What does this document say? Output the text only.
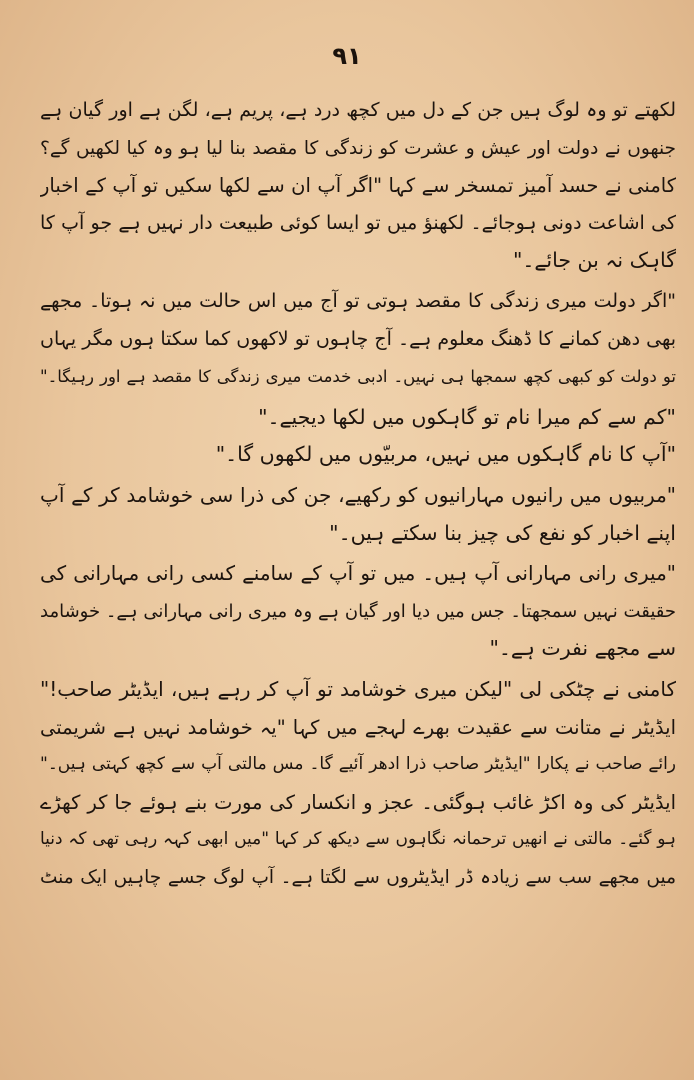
۹۱
لکھتے تو وہ لوگ ہیں جن کے دل میں کچھ درد ہے، پریم ہے، لگن ہے اور گیان ہے
جنھوں نے دولت اور عیش و عشرت کو زندگی کا مقصد بنا لیا ہو وہ کیا لکھیں گے؟
کامنی نے حسد آمیز تمسخر سے کہا "اگر آپ ان سے لکھا سکیں تو آپ کے اخبار
کی اشاعت دونی ہوجائے۔ لکھنؤ میں تو ایسا کوئی طبیعت دار نہیں ہے جو آپ کا
گاہک نہ بن جائے۔"
"اگر دولت میری زندگی کا مقصد ہوتی تو آج میں اس حالت میں نہ ہوتا۔ مجھے
بھی دھن کمانے کا ڈھنگ معلوم ہے۔ آج چاہوں تو لاکھوں کما سکتا ہوں مگر یہاں
تو دولت کو کبھی کچھ سمجھا ہی نہیں۔ ادبی خدمت میری زندگی کا مقصد ہے اور رہیگا۔"
"کم سے کم میرا نام تو گاہکوں میں لکھا دیجیے۔"
"آپ کا نام گاہکوں میں نہیں، مربیّوں میں لکھوں گا۔"
"مربیوں میں رانیوں مہارانیوں کو رکھیے، جن کی ذرا سی خوشامد کر کے آپ
اپنے اخبار کو نفع کی چیز بنا سکتے ہیں۔"
"میری رانی مہارانی آپ ہیں۔ میں تو آپ کے سامنے کسی رانی مہارانی کی
حقیقت نہیں سمجھتا۔ جس میں دیا اور گیان ہے وہ میری رانی مہارانی ہے۔ خوشامد
سے مجھے نفرت ہے۔"
کامنی نے چٹکی لی "لیکن میری خوشامد تو آپ کر رہے ہیں، ایڈیٹر صاحب!"
ایڈیٹر نے متانت سے عقیدت بھرے لہجے میں کہا "یہ خوشامد نہیں ہے شریمتی
رائے صاحب نے پکارا "ایڈیٹر صاحب ذرا ادھر آئیے گا۔ مس مالتی آپ سے کچھ کہتی ہیں۔"
ایڈیٹر کی وہ اکڑ غائب ہوگئی۔ عجز و انکسار کی مورت بنے ہوئے جا کر کھڑے
ہو گئے۔ مالتی نے انھیں ترحمانہ نگاہوں سے دیکھ کر کہا "میں ابھی کہہ رہی تھی کہ دنیا
میں مجھے سب سے زیادہ ڈر ایڈیٹروں سے لگتا ہے۔ آپ لوگ جسے چاہیں ایک منٹ
